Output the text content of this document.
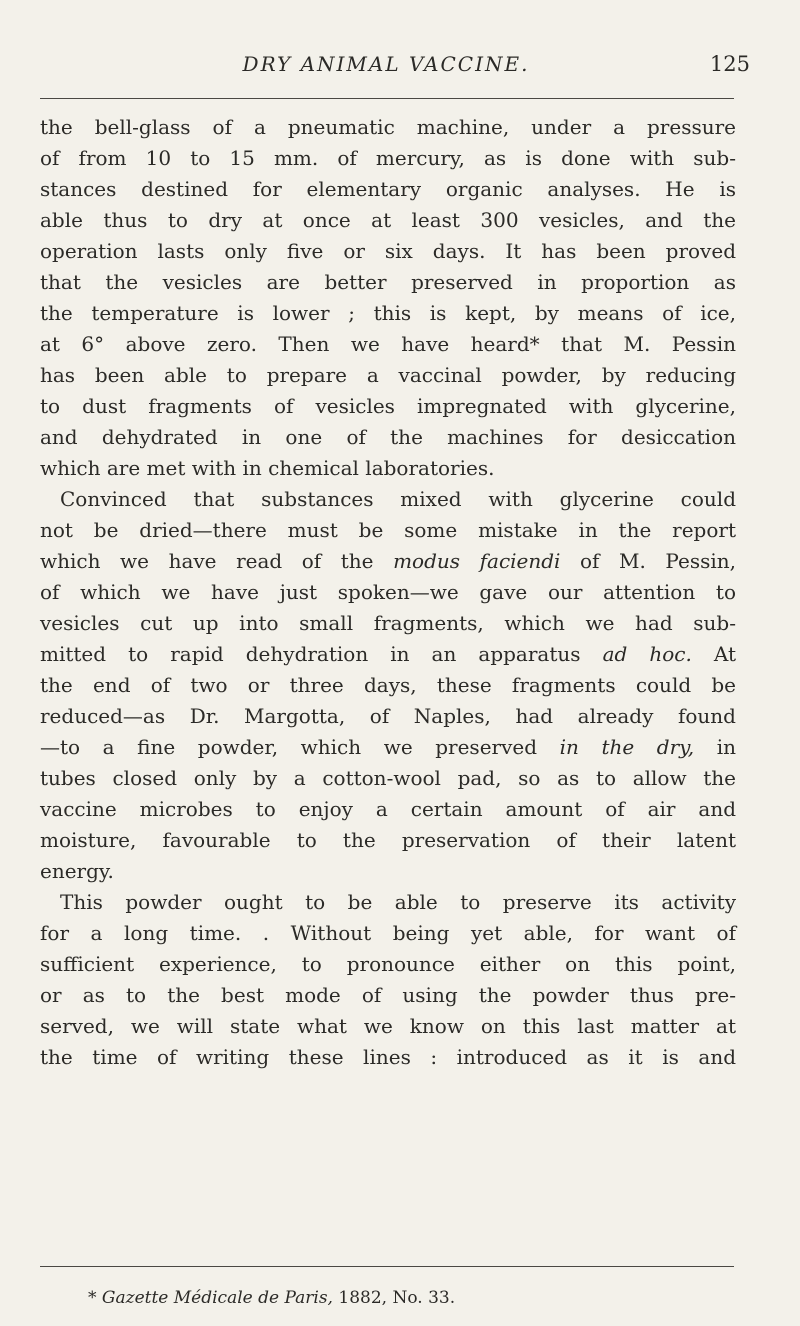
DRY ANIMAL VACCINE.	125
the bell-glass of a pneumatic machine, under a pressure
of from 10 to 15 mm. of mercury, as is done with sub-
stances destined for elementary organic analyses. He is
able thus to dry at once at least 300 vesicles, and the
operation lasts only five or six days. It has been proved
that the vesicles are better preserved in proportion as
the temperature is lower ; this is kept, by means of ice,
at 6° above zero. Then we have heard* that M. Pessin
has been able to prepare a vaccinal powder, by reducing
to dust fragments of vesicles impregnated with glycerine,
and dehydrated in one of the machines for desiccation
which are met with in chemical laboratories.
Convinced that substances mixed with glycerine could
not be dried—there must be some mistake in the report
which we have read of the modus faciendi of M. Pessin,
of which we have just spoken—we gave our attention to
vesicles cut up into small fragments, which we had sub-
mitted to rapid dehydration in an apparatus ad hoc. At
the end of two or three days, these fragments could be
reduced—as Dr. Margotta, of Naples, had already found
—to a fine powder, which we preserved in the dry, in
tubes closed only by a cotton-wool pad, so as to allow the
vaccine microbes to enjoy a certain amount of air and
moisture, favourable to the preservation of their latent
energy.
This powder ought to be able to preserve its activity
for a long time. . Without being yet able, for want of
sufficient experience, to pronounce either on this point,
or as to the best mode of using the powder thus pre-
served, we will state what we know on this last matter at
the time of writing these lines : introduced as it is and
* Gazette Médicale de Paris, 1882, No. 33.
